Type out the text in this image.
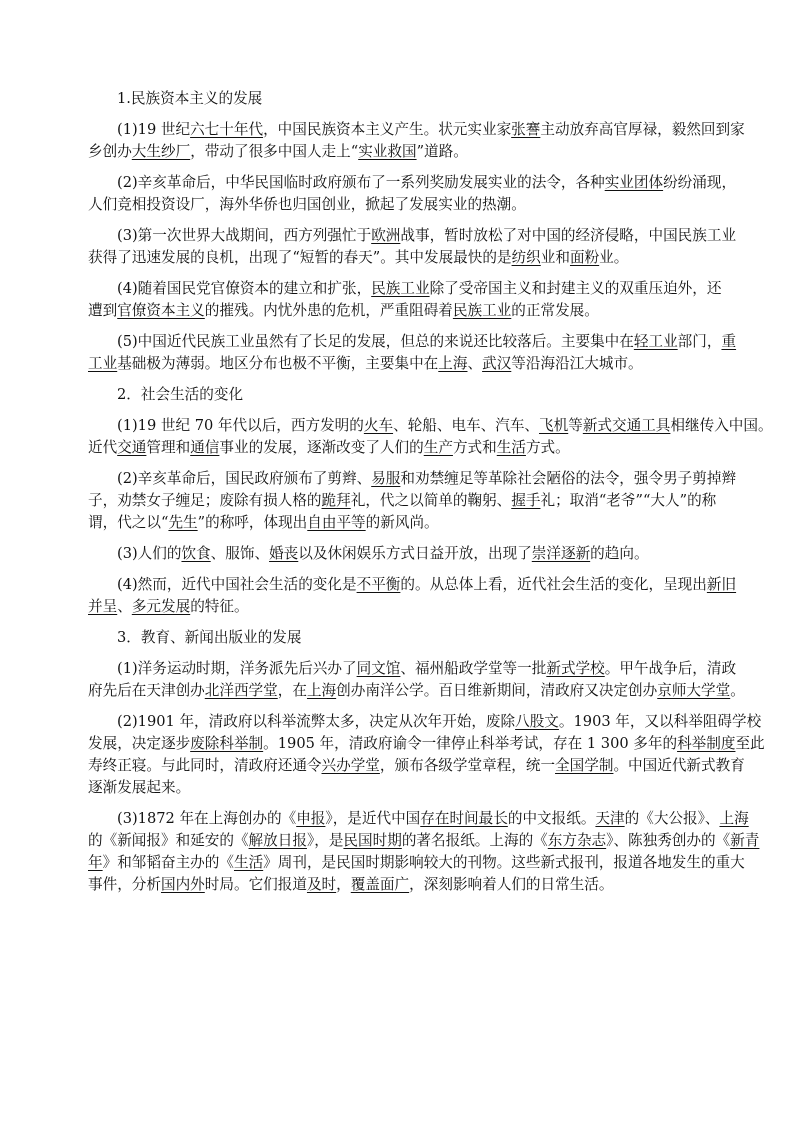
1.民族资本主义的发展

(1)19 世纪六七十年代，中国民族资本主义产生。状元实业家张謇主动放弃高官厚禄，毅然回到家

乡创办大生纱厂，带动了很多中国人走上“实业救国”道路。

(2)辛亥革命后，中华民国临时政府颁布了一系列奖励发展实业的法令，各种实业团体纷纷涌现，

人们竞相投资设厂，海外华侨也归国创业，掀起了发展实业的热潮。

(3)第一次世界大战期间，西方列强忙于欧洲战事，暂时放松了对中国的经济侵略，中国民族工业

获得了迅速发展的良机，出现了“短暂的春天”。其中发展最快的是纺织业和面粉业。

(4)随着国民党官僚资本的建立和扩张，民族工业除了受帝国主义和封建主义的双重压迫外，还

遭到官僚资本主义的摧残。内忧外患的危机，严重阻碍着民族工业的正常发展。

(5)中国近代民族工业虽然有了长足的发展，但总的来说还比较落后。主要集中在轻工业部门，重

工业基础极为薄弱。地区分布也极不平衡，主要集中在上海、武汉等沿海沿江大城市。

2．社会生活的变化

(1)19 世纪 70 年代以后，西方发明的火车、轮船、电车、汽车、飞机等新式交通工具相继传入中国。

近代交通管理和通信事业的发展，逐渐改变了人们的生产方式和生活方式。

(2)辛亥革命后，国民政府颁布了剪辫、易服和劝禁缠足等革除社会陋俗的法令，强令男子剪掉辫

子，劝禁女子缠足；废除有损人格的跪拜礼，代之以简单的鞠躬、握手礼；取消“老爷”“大人”的称

谓，代之以“先生”的称呼，体现出自由平等的新风尚。

(3)人们的饮食、服饰、婚丧以及休闲娱乐方式日益开放，出现了崇洋逐新的趋向。

(4)然而，近代中国社会生活的变化是不平衡的。从总体上看，近代社会生活的变化，呈现出新旧

并呈、多元发展的特征。

3．教育、新闻出版业的发展

(1)洋务运动时期，洋务派先后兴办了同文馆、福州船政学堂等一批新式学校。甲午战争后，清政

府先后在天津创办北洋西学堂，在上海创办南洋公学。百日维新期间，清政府又决定创办京师大学堂。

(2)1901 年，清政府以科举流弊太多，决定从次年开始，废除八股文。1903 年，又以科举阻碍学校

发展，决定逐步废除科举制。1905 年，清政府谕令一律停止科举考试，存在 1 300 多年的科举制度至此

寿终正寝。与此同时，清政府还通令兴办学堂，颁布各级学堂章程，统一全国学制。中国近代新式教育

逐渐发展起来。

(3)1872 年在上海创办的《申报》，是近代中国存在时间最长的中文报纸。天津的《大公报》、上海

的《新闻报》和延安的《解放日报》，是民国时期的著名报纸。上海的《东方杂志》、陈独秀创办的《新青

年》和邹韬奋主办的《生活》周刊，是民国时期影响较大的刊物。这些新式报刊，报道各地发生的重大

事件，分析国内外时局。它们报道及时，覆盖面广，深刻影响着人们的日常生活。
